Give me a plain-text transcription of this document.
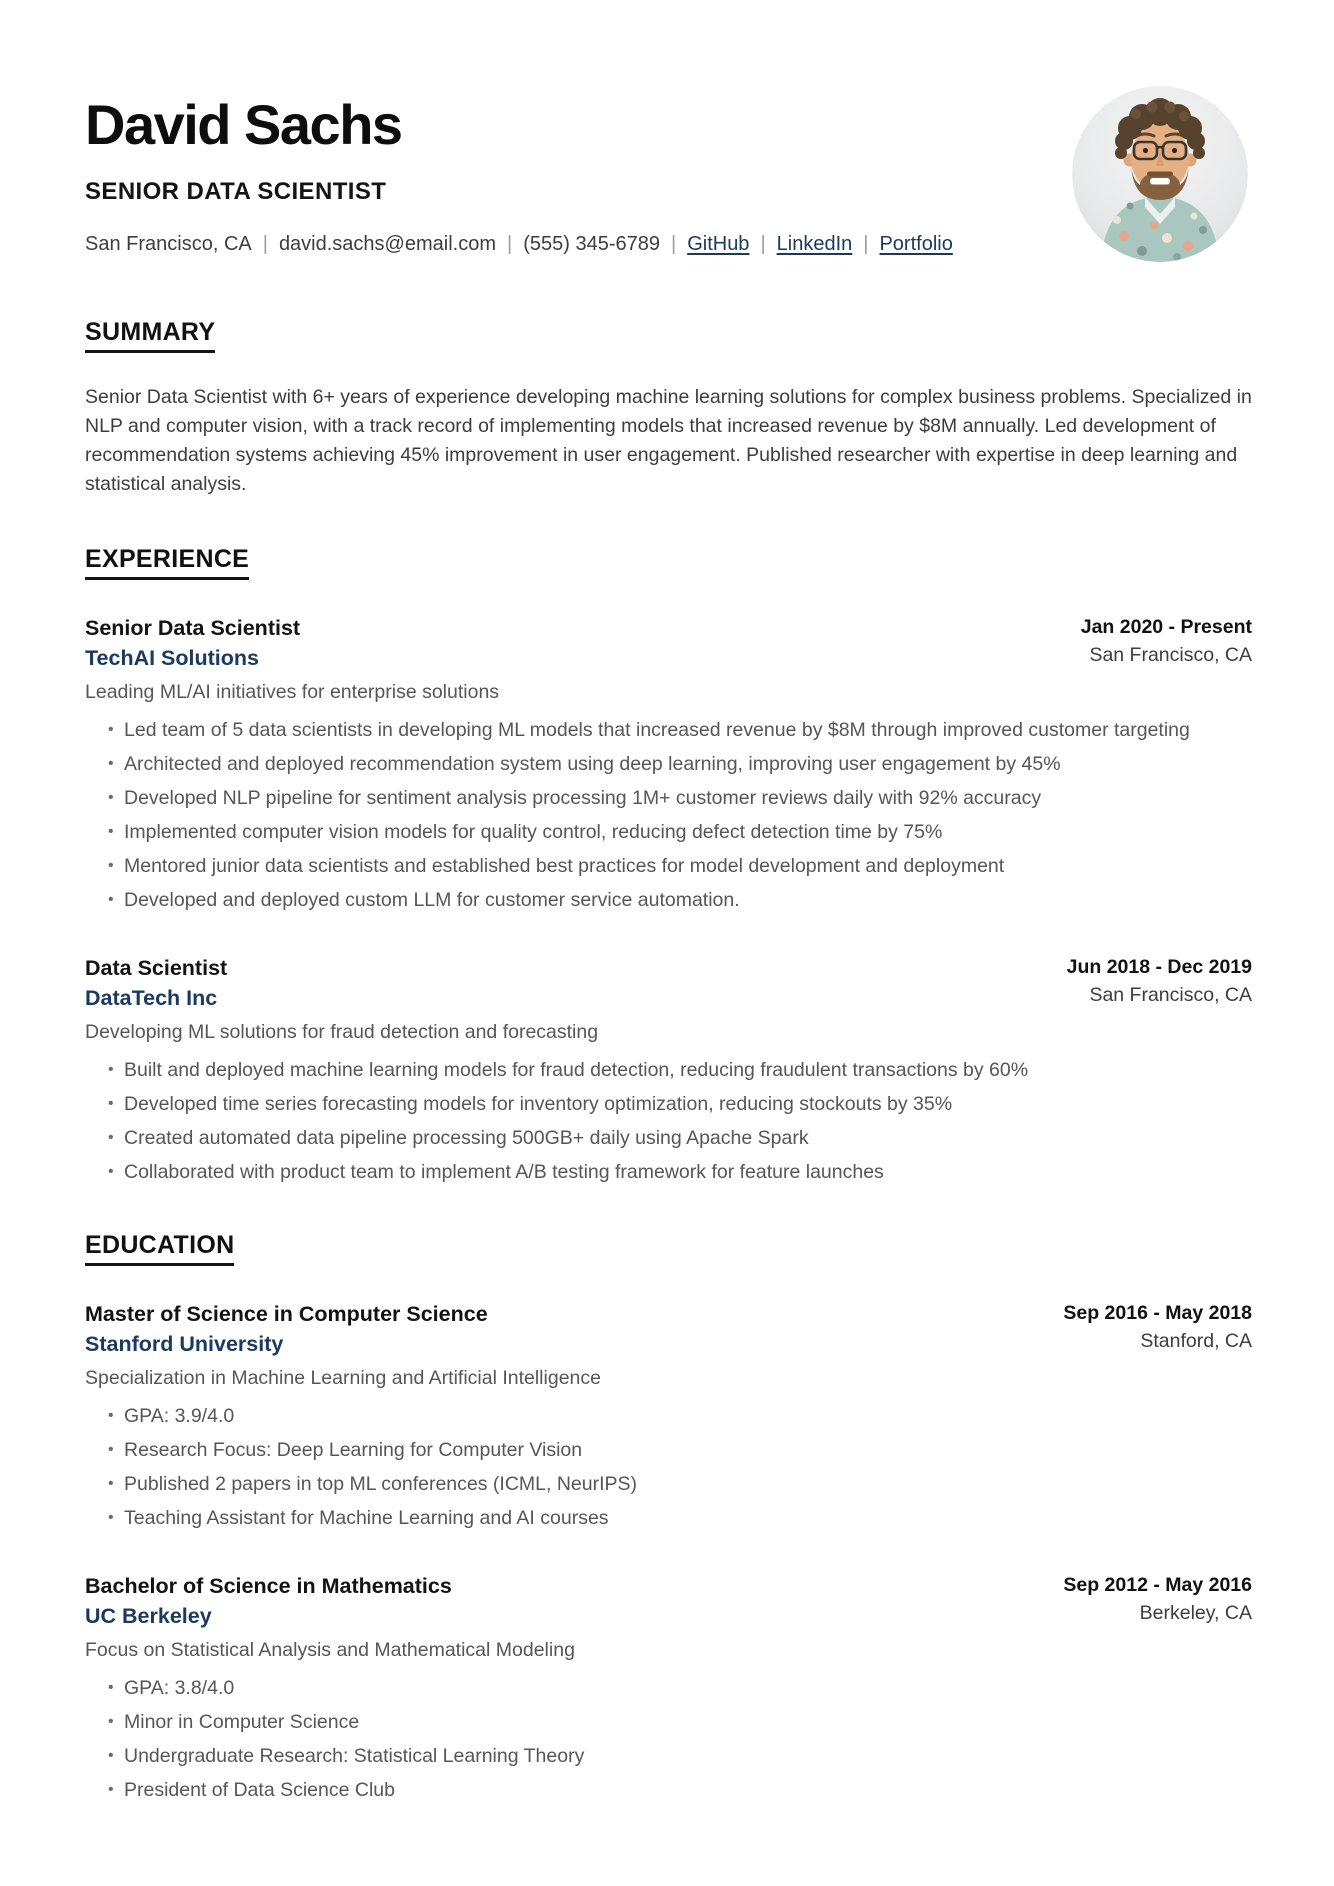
David Sachs
SENIOR DATA SCIENTIST
San Francisco, CA | david.sachs@email.com | (555) 345-6789 | GitHub | LinkedIn | Portfolio
SUMMARY

Senior Data Scientist with 6+ years of experience developing machine learning solutions for complex business problems. Specialized in NLP and computer vision, with a track record of implementing models that increased revenue by $8M annually. Led development of recommendation systems achieving 45% improvement in user engagement. Published researcher with expertise in deep learning and statistical analysis.

EXPERIENCE
Senior Data Scientist
TechAI Solutions
Jan 2020 - Present
San Francisco, CA
Leading ML/AI initiatives for enterprise solutions
• Led team of 5 data scientists in developing ML models that increased revenue by $8M through improved customer targeting
• Architected and deployed recommendation system using deep learning, improving user engagement by 45%
• Developed NLP pipeline for sentiment analysis processing 1M+ customer reviews daily with 92% accuracy
• Implemented computer vision models for quality control, reducing defect detection time by 75%
• Mentored junior data scientists and established best practices for model development and deployment
• Developed and deployed custom LLM for customer service automation.
Data Scientist
DataTech Inc
Jun 2018 - Dec 2019
San Francisco, CA
Developing ML solutions for fraud detection and forecasting
• Built and deployed machine learning models for fraud detection, reducing fraudulent transactions by 60%
• Developed time series forecasting models for inventory optimization, reducing stockouts by 35%
• Created automated data pipeline processing 500GB+ daily using Apache Spark
• Collaborated with product team to implement A/B testing framework for feature launches
EDUCATION
Master of Science in Computer Science
Stanford University
Sep 2016 - May 2018
Stanford, CA
Specialization in Machine Learning and Artificial Intelligence
• GPA: 3.9/4.0
• Research Focus: Deep Learning for Computer Vision
• Published 2 papers in top ML conferences (ICML, NeurIPS)
• Teaching Assistant for Machine Learning and AI courses
Bachelor of Science in Mathematics
UC Berkeley
Sep 2012 - May 2016
Berkeley, CA
Focus on Statistical Analysis and Mathematical Modeling
• GPA: 3.8/4.0
• Minor in Computer Science
• Undergraduate Research: Statistical Learning Theory
• President of Data Science Club
